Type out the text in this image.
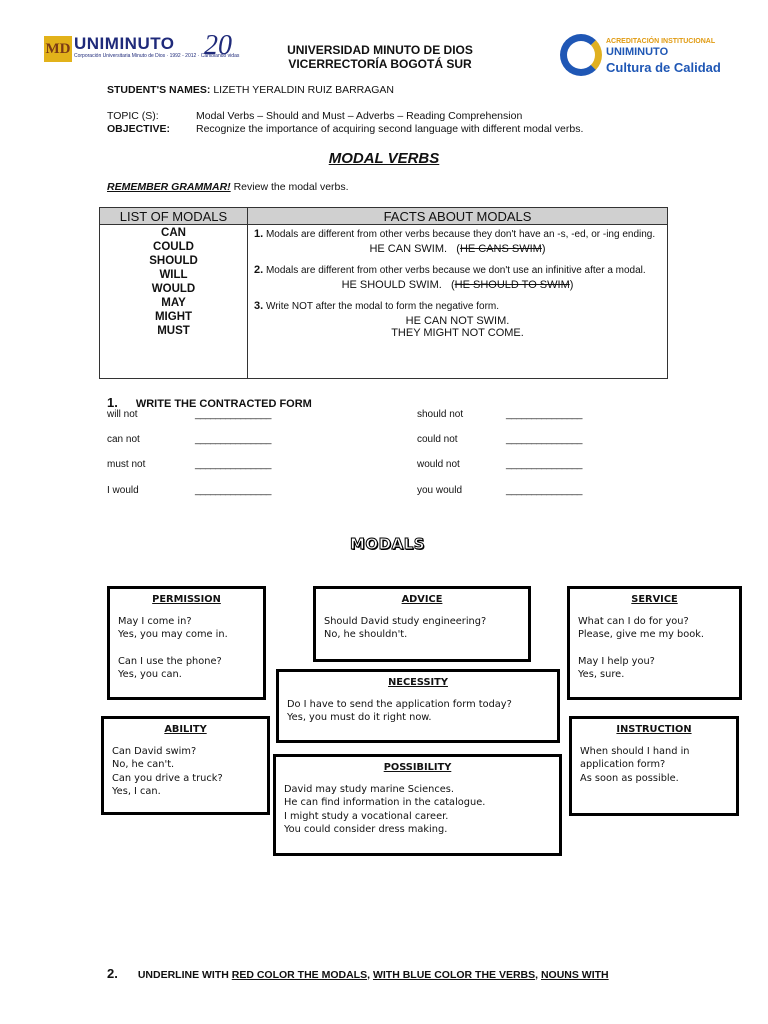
MD UNIMINUTO
Corporación Universitaria Minuto de Dios · 1992 - 2012 · Cambiando vidas
20	UNIVERSIDAD MINUTO DE DIOS
VICERRECTORÍA BOGOTÁ SUR
ACREDITACIÓN INSTITUCIONAL
UNIMINUTO
Cultura de Calidad
STUDENT'S NAMES: LIZETH YERALDIN RUIZ BARRAGAN
TOPIC (S):	Modal Verbs – Should and Must – Adverbs – Reading Comprehension
OBJECTIVE: Recognize the importance of acquiring second language with different modal verbs.
MODAL VERBS
REMEMBER GRAMMAR! Review the modal verbs.
LIST OF MODALS	FACTS ABOUT MODALS
CAN
COULD
SHOULD
WILL
WOULD
MAY
MIGHT
MUST
1. Modals are different from other verbs because they don't have an -s, -ed, or -ing ending.
HE CAN SWIM.   (HE CANS SWIM)
2. Modals are different from other verbs because we don't use an infinitive after a modal.
HE SHOULD SWIM.   (HE SHOULD TO SWIM)
3. Write NOT after the modal to form the negative form.
HE CAN NOT SWIM.
THEY MIGHT NOT COME.
1. WRITE THE CONTRACTED FORM
will not	_______________	should not	_______________
can not	_______________	could not	_______________
must not	_______________	would not	_______________
I would	_______________	you would	_______________
MODALS
PERMISSION
May I come in?
Yes, you may come in.
Can I use the phone?
Yes, you can.
ADVICE
Should David study engineering?
No, he shouldn't.
SERVICE
What can I do for you?
Please, give me my book.
May I help you?
Yes, sure.
NECESSITY
Do I have to send the application form today?
Yes, you must do it right now.
ABILITY
Can David swim?
No, he can't.
Can you drive a truck?
Yes, I can.
INSTRUCTION
When should I hand in
application form?
As soon as possible.
POSSIBILITY
David may study marine Sciences.
He can find information in the catalogue.
I might study a vocational career.
You could consider dress making.
2. UNDERLINE WITH RED COLOR THE MODALS, WITH BLUE COLOR THE VERBS, NOUNS WITH
